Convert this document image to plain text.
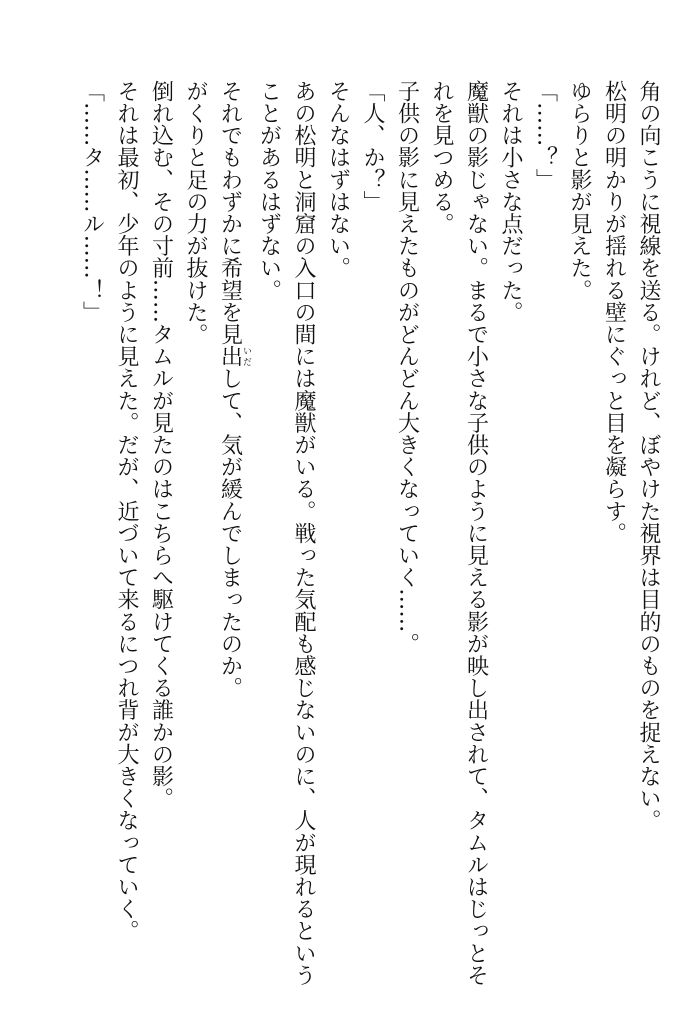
角の向こうに視線を送る。けれど、ぼやけた視界は目的のものを捉えない。

松明の明かりが揺れる壁にぐっと目を凝らす。

ゆらりと影が見えた。

「……？」

それは小さな点だった。

魔獣の影じゃない。まるで小さな子供のように見える影が映し出されて、タムルはじっとそ

れを見つめる。

子供の影に見えたものがどんどん大きくなっていく……。

「人、か？」

そんなはずはない。

あの松明と洞窟の入口の間には魔獣がいる。戦った気配も感じないのに、人が現れるという

ことがあるはずない。

それでもわずかに希望を見出いだして、気が緩んでしまったのか。

がくりと足の力が抜けた。

倒れ込む、その寸前……タムルが見たのはこちらへ駆けてくる誰かの影。

それは最初、少年のように見えた。だが、近づいて来るにつれ背が大きくなっていく。

「……タ……ル……！」
